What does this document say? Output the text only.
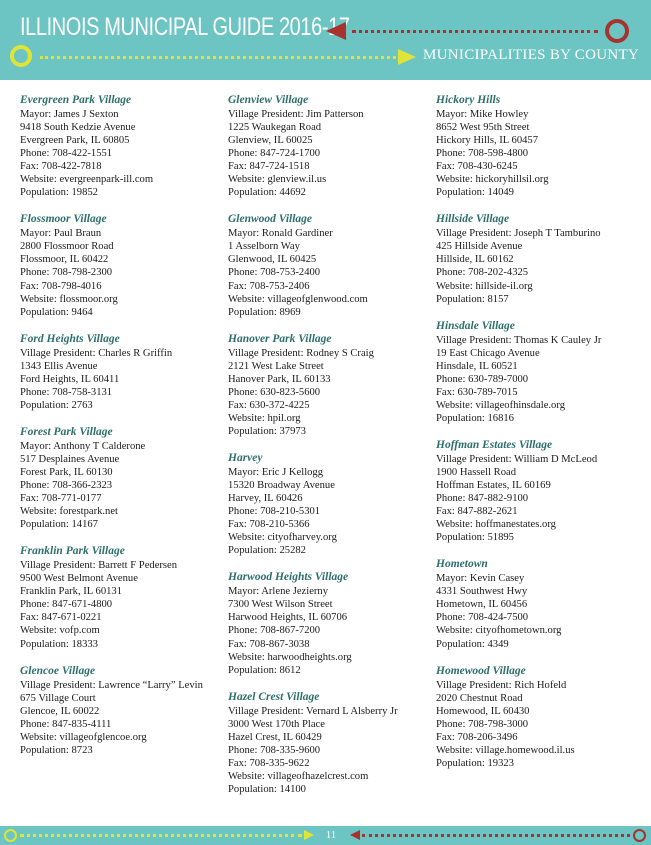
ILLINOIS MUNICIPAL GUIDE 2016-17
MUNICIPALITIES BY COUNTY
Evergreen Park Village
Mayor: James J Sexton
9418 South Kedzie Avenue
Evergreen Park, IL 60805
Phone: 708-422-1551
Fax: 708-422-7818
Website: evergreenpark-ill.com
Population: 19852
Flossmoor Village
Mayor: Paul Braun
2800 Flossmoor Road
Flossmoor, IL 60422
Phone: 708-798-2300
Fax: 708-798-4016
Website: flossmoor.org
Population: 9464
Ford Heights Village
Village President: Charles R Griffin
1343 Ellis Avenue
Ford Heights, IL 60411
Phone: 708-758-3131
Population: 2763
Forest Park Village
Mayor: Anthony T Calderone
517 Desplaines Avenue
Forest Park, IL 60130
Phone: 708-366-2323
Fax: 708-771-0177
Website: forestpark.net
Population: 14167
Franklin Park Village
Village President: Barrett F Pedersen
9500 West Belmont Avenue
Franklin Park, IL 60131
Phone: 847-671-4800
Fax: 847-671-0221
Website: vofp.com
Population: 18333
Glencoe Village
Village President: Lawrence “Larry” Levin
675 Village Court
Glencoe, IL 60022
Phone: 847-835-4111
Website: villageofglencoe.org
Population: 8723
Glenview Village
Village President: Jim Patterson
1225 Waukegan Road
Glenview, IL 60025
Phone: 847-724-1700
Fax: 847-724-1518
Website: glenview.il.us
Population: 44692
Glenwood Village
Mayor: Ronald Gardiner
1 Asselborn Way
Glenwood, IL 60425
Phone: 708-753-2400
Fax: 708-753-2406
Website: villageofglenwood.com
Population: 8969
Hanover Park Village
Village President: Rodney S Craig
2121 West Lake Street
Hanover Park, IL 60133
Phone: 630-823-5600
Fax: 630-372-4225
Website: hpil.org
Population: 37973
Harvey
Mayor: Eric J Kellogg
15320 Broadway Avenue
Harvey, IL 60426
Phone: 708-210-5301
Fax: 708-210-5366
Website: cityofharvey.org
Population: 25282
Harwood Heights Village
Mayor: Arlene Jezierny
7300 West Wilson Street
Harwood Heights, IL 60706
Phone: 708-867-7200
Fax: 708-867-3038
Website: harwoodheights.org
Population: 8612
Hazel Crest Village
Village President: Vernard L Alsberry Jr
3000 West 170th Place
Hazel Crest, IL 60429
Phone: 708-335-9600
Fax: 708-335-9622
Website: villageofhazelcrest.com
Population: 14100
Hickory Hills
Mayor: Mike Howley
8652 West 95th Street
Hickory Hills, IL 60457
Phone: 708-598-4800
Fax: 708-430-6245
Website: hickoryhillsil.org
Population: 14049
Hillside Village
Village President: Joseph T Tamburino
425 Hillside Avenue
Hillside, IL 60162
Phone: 708-202-4325
Website: hillside-il.org
Population: 8157
Hinsdale Village
Village President: Thomas K Cauley Jr
19 East Chicago Avenue
Hinsdale, IL 60521
Phone: 630-789-7000
Fax: 630-789-7015
Website: villageofhinsdale.org
Population: 16816
Hoffman Estates Village
Village President: William D McLeod
1900 Hassell Road
Hoffman Estates, IL 60169
Phone: 847-882-9100
Fax: 847-882-2621
Website: hoffmanestates.org
Population: 51895
Hometown
Mayor: Kevin Casey
4331 Southwest Hwy
Hometown, IL 60456
Phone: 708-424-7500
Website: cityofhometown.org
Population: 4349
Homewood Village
Village President: Rich Hofeld
2020 Chestnut Road
Homewood, IL 60430
Phone: 708-798-3000
Fax: 708-206-3496
Website: village.homewood.il.us
Population: 19323
11
